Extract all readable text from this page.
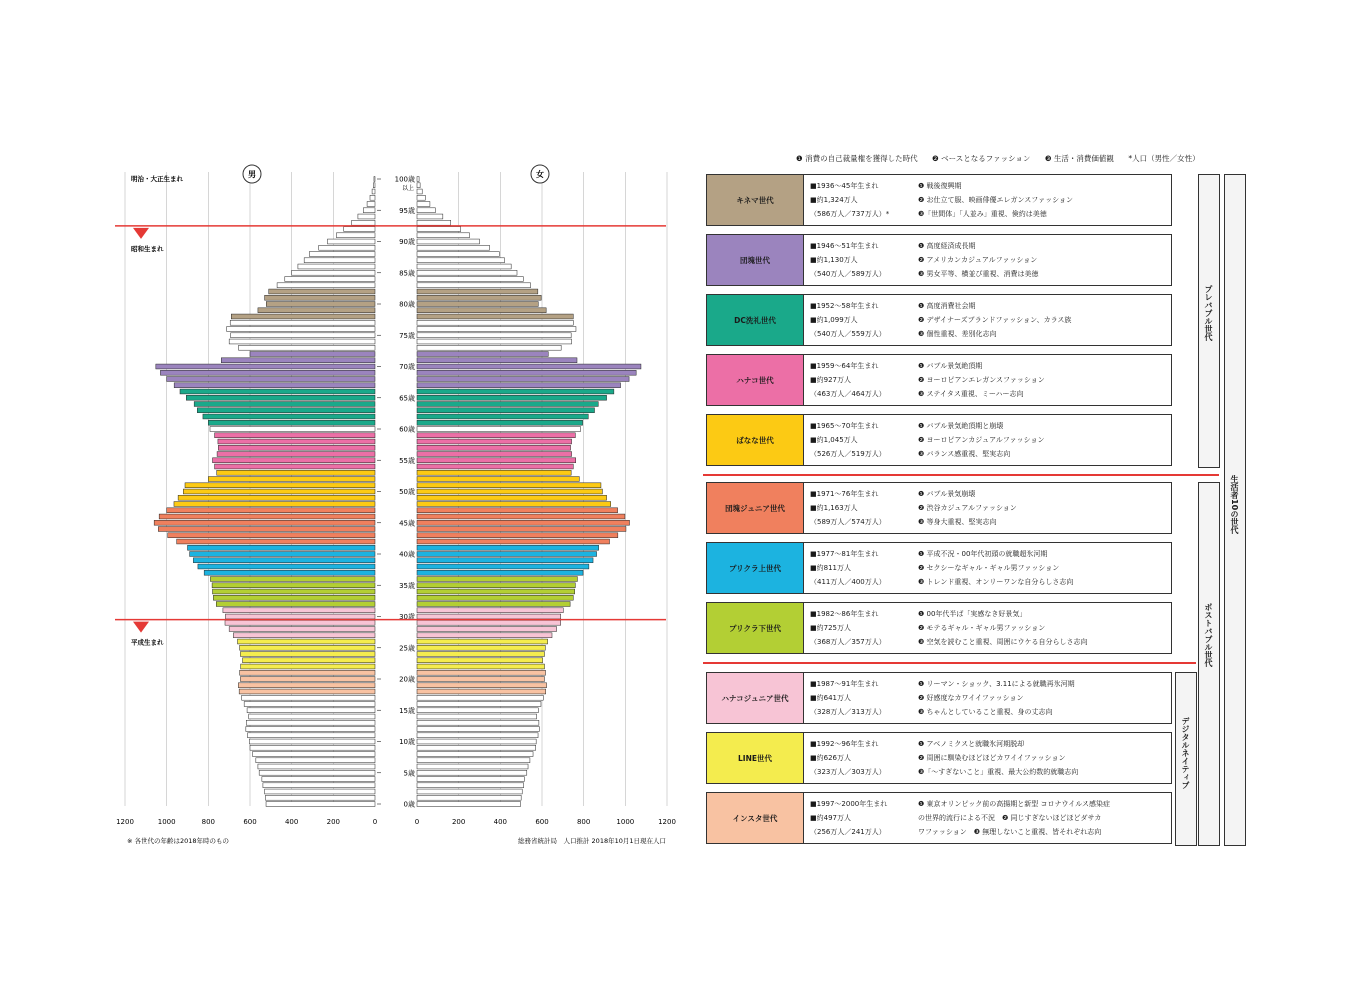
0歳
5歳
10歳
15歳
20歳
25歳
30歳
35歳
40歳
45歳
50歳
55歳
60歳
65歳
70歳
75歳
80歳
85歳
90歳
95歳
100歳
1200	1200
1000	1000
800	800
600	600
400	400
200	200
0	0
明治・大正生まれ
昭和生まれ
平成生まれ
男	女
以上
※ 各世代の年齢は2018年時のもの	総務省統計局　人口推計 2018年10月1日現在人口
❶ 消費の自己裁量権を獲得した時代 ❷ ベースとなるファッション ❸ 生活・消費価値観 *人口（男性／女性）
キネマ世代
■1936〜45年生まれ
■約1,324万人
（586万人／737万人）*
❶ 戦後復興期
❷ お仕立て服、映画俳優エレガンスファッション
❸「世間体」「人並み」重視、倹約は美徳
団塊世代
■1946〜51年生まれ
■約1,130万人
（540万人／589万人）
❶ 高度経済成長期
❷ アメリカンカジュアルファッション
❸ 男女平等、横並び重視、消費は美徳
DC洗礼世代
■1952〜58年生まれ
■約1,099万人
（540万人／559万人）
❶ 高度消費社会期
❷ デザイナーズブランドファッション、カラス族
❸ 個性重視、差別化志向
ハナコ世代
■1959〜64年生まれ
■約927万人
（463万人／464万人）
❶ バブル景気絶頂期
❷ ヨーロピアンエレガンスファッション
❸ ステイタス重視、ミーハー志向
ばなな世代
■1965〜70年生まれ
■約1,045万人
（526万人／519万人）
❶ バブル景気絶頂期と崩壊
❷ ヨーロピアンカジュアルファッション
❸ バランス感重視、堅実志向
団塊ジュニア世代
■1971〜76年生まれ
■約1,163万人
（589万人／574万人）
❶ バブル景気崩壊
❷ 渋谷カジュアルファッション
❸ 等身大重視、堅実志向
プリクラ上世代
■1977〜81年生まれ
■約811万人
（411万人／400万人）
❶ 平成不況・00年代初頭の就職超氷河期
❷ セクシーなギャル・ギャル男ファッション
❸ トレンド重視、オンリーワンな自分らしさ志向
プリクラ下世代
■1982〜86年生まれ
■約725万人
（368万人／357万人）
❶ 00年代半ば「実感なき好景気」
❷ モテるギャル・ギャル男ファッション
❸ 空気を読むこと重視、周囲にウケる自分らしさ志向
ハナコジュニア世代
■1987〜91年生まれ
■約641万人
（328万人／313万人）
❶ リーマン・ショック、3.11による就職再氷河期
❷ 好感度なカワイイファッション
❸ ちゃんとしていること重視、身の丈志向
LINE世代
■1992〜96年生まれ
■約626万人
（323万人／303万人）
❶ アベノミクスと就職氷河期脱却
❷ 周囲に馴染むほどほどカワイイファッション
❸「〜すぎないこと」重視、最大公約数的就職志向
インスタ世代
■1997〜2000年生まれ
■約497万人
（256万人／241万人）
❶ 東京オリンピック前の高揚期と新型 コロナウイルス感染症
の世界的流行による不況　❷ 同じすぎないほどほどダサカ
ワファッション　❸ 無理しないこと重視、皆それぞれ志向
プレバブル世代
ポストバブル世代
デジタルネイティブ
生活者10の世代
